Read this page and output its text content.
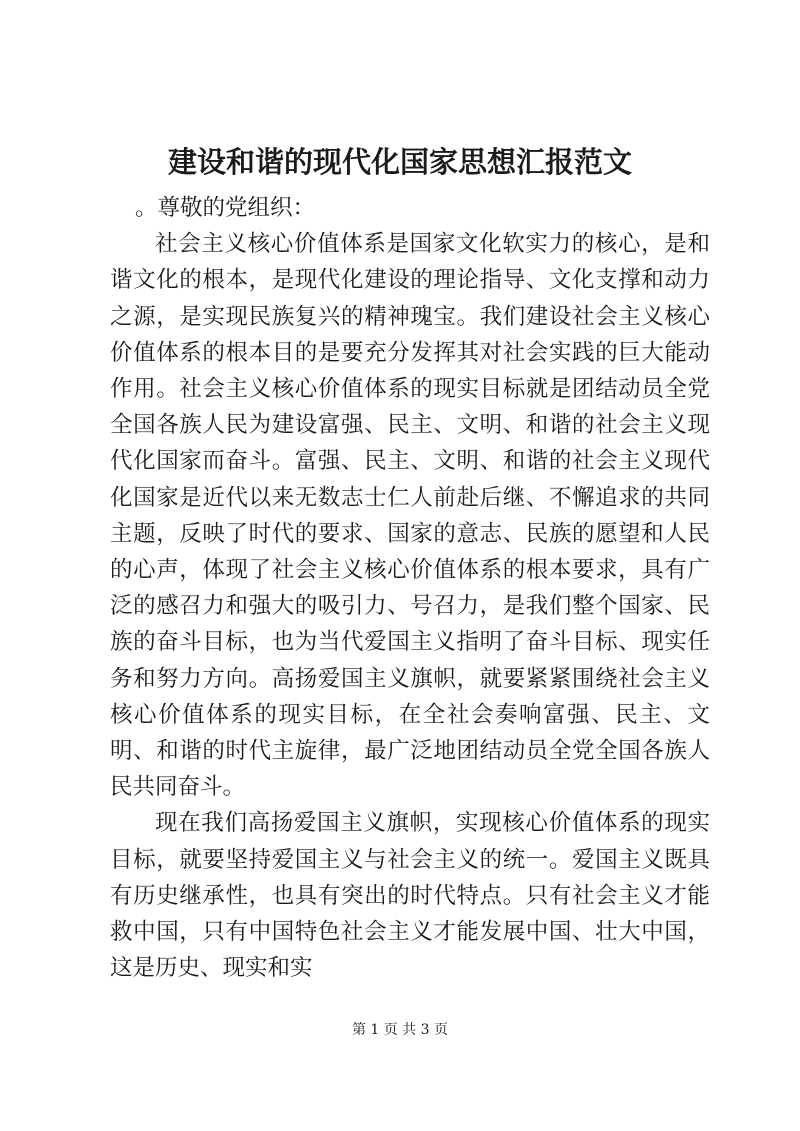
建设和谐的现代化国家思想汇报范文

。尊敬的党组织：

社会主义核心价值体系是国家文化软实力的核心，是和谐文化的根本，是现代化建设的理论指导、文化支撑和动力之源，是实现民族复兴的精神瑰宝。我们建设社会主义核心价值体系的根本目的是要充分发挥其对社会实践的巨大能动作用。社会主义核心价值体系的现实目标就是团结动员全党全国各族人民为建设富强、民主、文明、和谐的社会主义现代化国家而奋斗。富强、民主、文明、和谐的社会主义现代化国家是近代以来无数志士仁人前赴后继、不懈追求的共同主题，反映了时代的要求、国家的意志、民族的愿望和人民的心声，体现了社会主义核心价值体系的根本要求，具有广泛的感召力和强大的吸引力、号召力，是我们整个国家、民族的奋斗目标，也为当代爱国主义指明了奋斗目标、现实任务和努力方向。高扬爱国主义旗帜，就要紧紧围绕社会主义核心价值体系的现实目标，在全社会奏响富强、民主、文明、和谐的时代主旋律，最广泛地团结动员全党全国各族人民共同奋斗。

现在我们高扬爱国主义旗帜，实现核心价值体系的现实目标，就要坚持爱国主义与社会主义的统一。爱国主义既具有历史继承性，也具有突出的时代特点。只有社会主义才能救中国，只有中国特色社会主义才能发展中国、壮大中国，这是历史、现实和实

第 1 页 共 3 页
